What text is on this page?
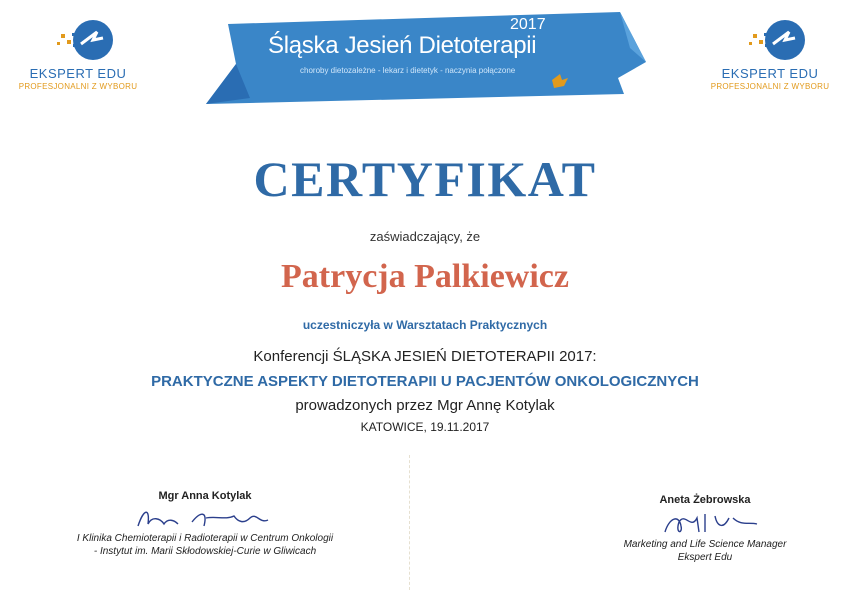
EKSPERT EDU
PROFESJONALNI Z WYBORU
EKSPERT EDU
PROFESJONALNI Z WYBORU
2017
Śląska Jesień Dietoterapii
choroby dietozależne - lekarz i dietetyk - naczynia połączone
CERTYFIKAT
zaświadczający, że
Patrycja Palkiewicz
uczestniczyła w Warsztatach Praktycznych
Konferencji ŚLĄSKA JESIEŃ DIETOTERAPII 2017:
PRAKTYCZNE ASPEKTY DIETOTERAPII U PACJENTÓW ONKOLOGICZNYCH
prowadzonych przez Mgr Annę Kotylak
KATOWICE, 19.11.2017
Mgr Anna Kotylak
I Klinika Chemioterapii i Radioterapii w Centrum Onkologii
- Instytut im. Marii Skłodowskiej-Curie w Gliwicach
Aneta Żebrowska
Marketing and Life Science Manager
Ekspert Edu
